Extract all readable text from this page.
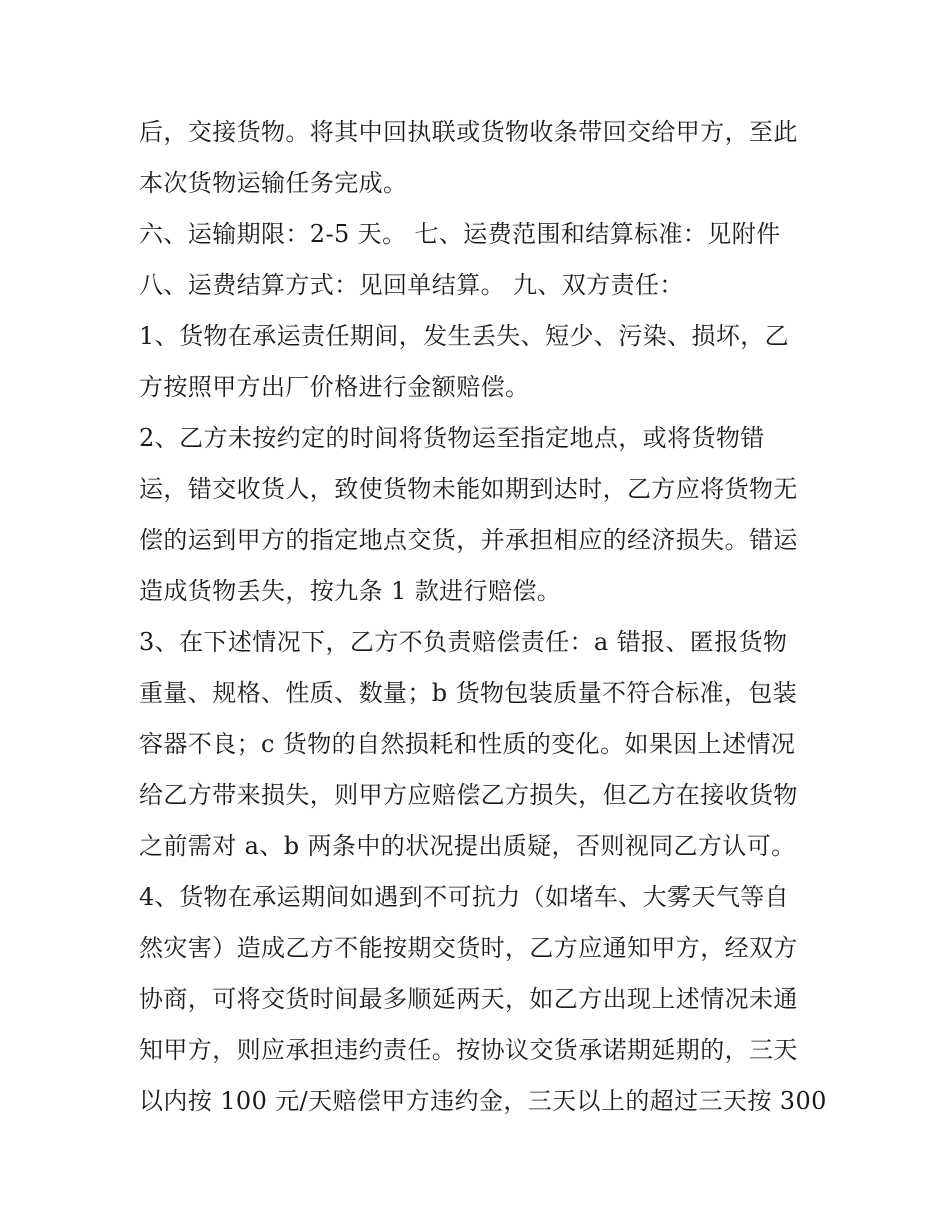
后，交接货物。将其中回执联或货物收条带回交给甲方，至此
本次货物运输任务完成。
六、运输期限：2-5 天。 七、运费范围和结算标准：见附件
八、运费结算方式：见回单结算。 九、双方责任：
1、货物在承运责任期间，发生丢失、短少、污染、损坏，乙
方按照甲方出厂价格进行金额赔偿。
2、乙方未按约定的时间将货物运至指定地点，或将货物错
运，错交收货人，致使货物未能如期到达时，乙方应将货物无
偿的运到甲方的指定地点交货，并承担相应的经济损失。错运
造成货物丢失，按九条 1 款进行赔偿。
3、在下述情况下，乙方不负责赔偿责任：a 错报、匿报货物
重量、规格、性质、数量；b 货物包装质量不符合标准，包装
容器不良；c 货物的自然损耗和性质的变化。如果因上述情况
给乙方带来损失，则甲方应赔偿乙方损失，但乙方在接收货物
之前需对 a、b 两条中的状况提出质疑，否则视同乙方认可。
4、货物在承运期间如遇到不可抗力（如堵车、大雾天气等自
然灾害）造成乙方不能按期交货时，乙方应通知甲方，经双方
协商，可将交货时间最多顺延两天，如乙方出现上述情况未通
知甲方，则应承担违约责任。按协议交货承诺期延期的，三天
以内按 100 元/天赔偿甲方违约金，三天以上的超过三天按 300
